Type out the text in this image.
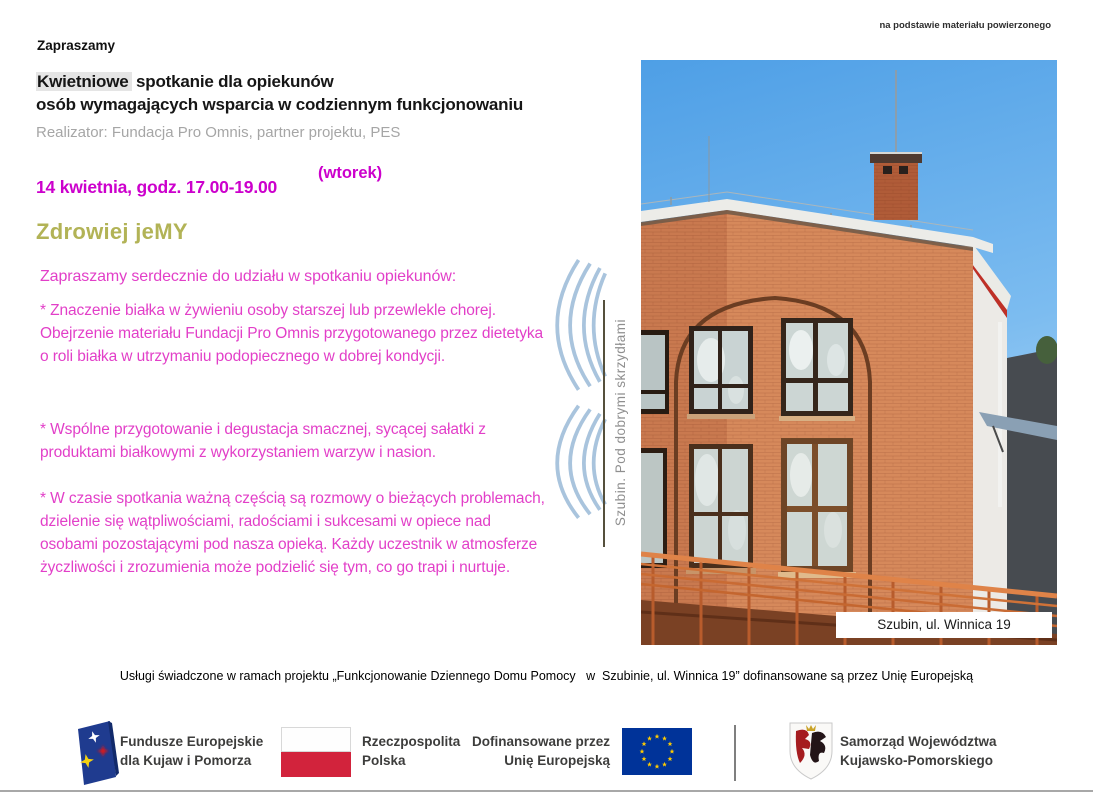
na podstawie materiału powierzonego
Zapraszamy
Kwietniowe spotkanie dla opiekunów
osób wymagających wsparcia w codziennym funkcjonowaniu
Realizator: Fundacja Pro Omnis, partner projektu, PES
14 kwietnia, godz. 17.00-19.00
(wtorek)
Zdrowiej jeMY
Zapraszamy serdecznie do udziału w spotkaniu opiekunów:
* Znaczenie białka w żywieniu osoby starszej lub przewlekle chorej. Obejrzenie materiału Fundacji Pro Omnis przygotowanego przez dietetyka o roli białka w utrzymaniu podopiecznego w dobrej kondycji.
* Wspólne przygotowanie i degustacja smacznej, sycącej sałatki z produktami białkowymi z wykorzystaniem warzyw i nasion.
* W czasie spotkania ważną częścią są rozmowy o bieżących problemach, dzielenie się wątpliwościami, radościami i sukcesami w opiece nad osobami pozostającymi pod nasza opieką. Każdy uczestnik w atmosferze życzliwości i zrozumienia może podzielić się tym, co go trapi i nurtuje.
Szubin. Pod dobrymi skrzydłami
Szubin, ul. Winnica 19
Usługi świadczone w ramach projektu „Funkcjonowanie Dziennego Domu Pomocy   w  Szubinie, ul. Winnica 19” dofinansowane są przez Unię Europejską
Fundusze Europejskie
dla Kujaw i Pomorza
Rzeczpospolita
Polska
Dofinansowane przez
Unię Europejską
Samorząd Województwa
Kujawsko-Pomorskiego
